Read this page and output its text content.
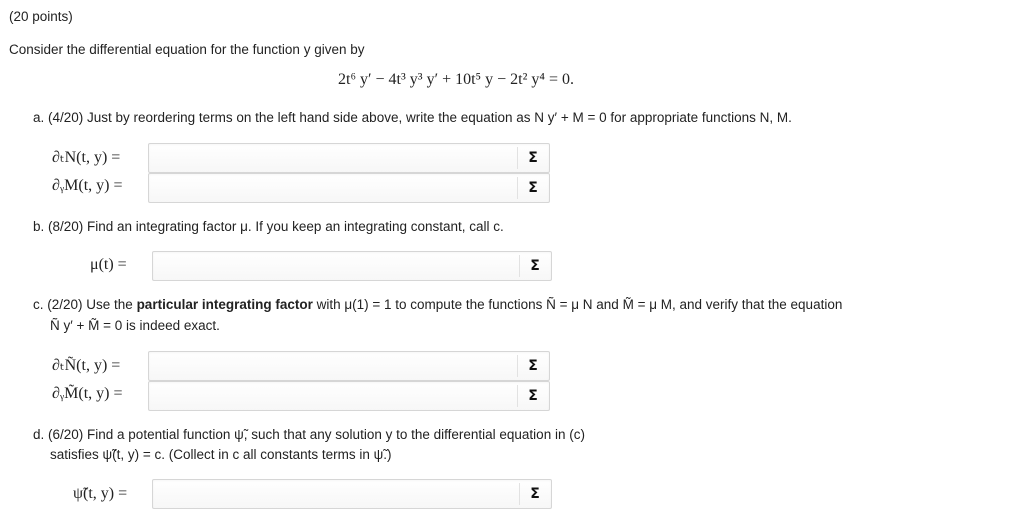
(20 points)
Consider the differential equation for the function y given by
2t⁶ y′ − 4t³ y³ y′ + 10t⁵ y − 2t² y⁴ = 0.
a. (4/20) Just by reordering terms on the left hand side above, write the equation as N y′ + M = 0 for appropriate functions N, M.
∂ₜN(t, y) =	Σ
∂ᵧM(t, y) =	Σ
b. (8/20) Find an integrating factor μ. If you keep an integrating constant, call c.
μ(t) =	Σ
c. (2/20) Use the particular integrating factor with μ(1) = 1 to compute the functions Ñ = μ N and M̃ = μ M, and verify that the equation
Ñ y′ + M̃ = 0 is indeed exact.
∂ₜÑ(t, y) =	Σ
∂ᵧM̃(t, y) =	Σ
d. (6/20) Find a potential function ψ̃, such that any solution y to the differential equation in (c)
satisfies ψ̃(t, y) = c. (Collect in c all constants terms in ψ̃.)
ψ̃(t, y) =	Σ
